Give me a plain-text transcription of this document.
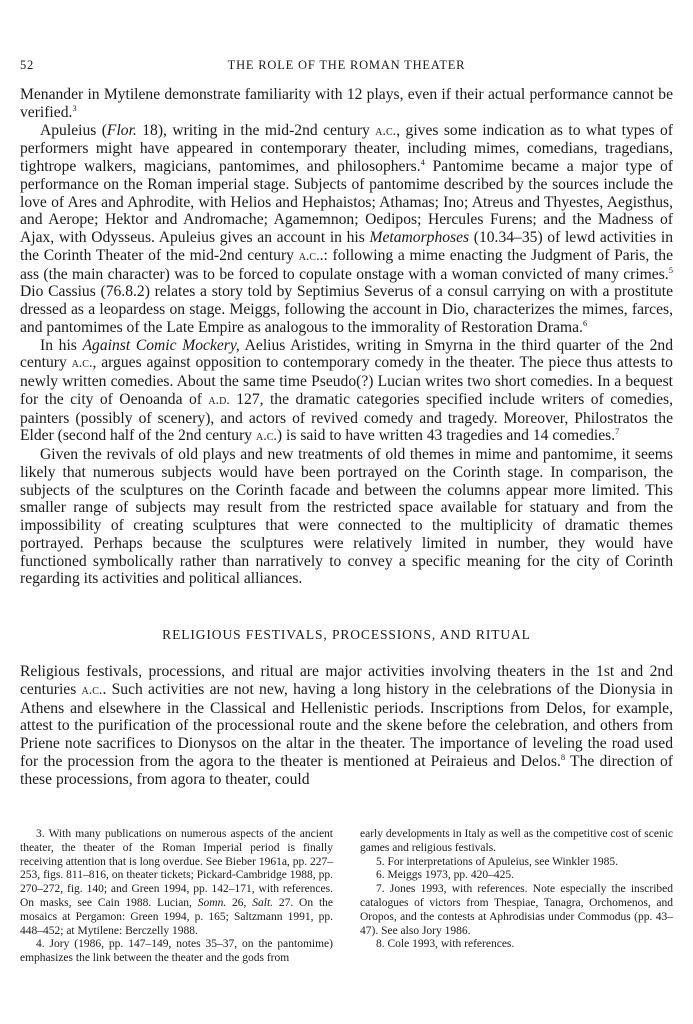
52	THE ROLE OF THE ROMAN THEATER

Menander in Mytilene demonstrate familiarity with 12 plays, even if their actual performance cannot be verified.$^3$

Apuleius (Flor. 18), writing in the mid-2nd century a.c., gives some indication as to what types of performers might have appeared in contemporary theater, including mimes, comedians, tragedians, tightrope walkers, magicians, pantomimes, and philosophers.$^4$ Pantomime became a major type of performance on the Roman imperial stage. Subjects of pantomime described by the sources include the love of Ares and Aphrodite, with Helios and Hephaistos; Athamas; Ino; Atreus and Thyestes, Aegisthus, and Aerope; Hektor and Andromache; Agamemnon; Oedipos; Hercules Furens; and the Madness of Ajax, with Odysseus. Apuleius gives an account in his Metamorphoses (10.34–35) of lewd activities in the Corinth Theater of the mid-2nd century a.c..: following a mime enacting the Judgment of Paris, the ass (the main character) was to be forced to copulate onstage with a woman convicted of many crimes.$^5$ Dio Cassius (76.8.2) relates a story told by Septimius Severus of a consul carrying on with a prostitute dressed as a leopardess on stage. Meiggs, following the account in Dio, characterizes the mimes, farces, and pantomimes of the Late Empire as analogous to the immorality of Restoration Drama.$^6$

In his Against Comic Mockery, Aelius Aristides, writing in Smyrna in the third quarter of the 2nd century a.c., argues against opposition to contemporary comedy in the theater. The piece thus attests to newly written comedies. About the same time Pseudo(?) Lucian writes two short comedies. In a bequest for the city of Oenoanda of a.d. 127, the dramatic categories specified include writers of comedies, painters (possibly of scenery), and actors of revived comedy and tragedy. Moreover, Philostratos the Elder (second half of the 2nd century a.c.) is said to have written 43 tragedies and 14 comedies.$^7$

Given the revivals of old plays and new treatments of old themes in mime and pantomime, it seems likely that numerous subjects would have been portrayed on the Corinth stage. In comparison, the subjects of the sculptures on the Corinth facade and between the columns appear more limited. This smaller range of subjects may result from the restricted space available for statuary and from the impossibility of creating sculptures that were connected to the multiplicity of dramatic themes portrayed. Perhaps because the sculptures were relatively limited in number, they would have functioned symbolically rather than narratively to convey a specific meaning for the city of Corinth regarding its activities and political alliances.

RELIGIOUS FESTIVALS, PROCESSIONS, AND RITUAL

Religious festivals, processions, and ritual are major activities involving theaters in the 1st and 2nd centuries a.c.. Such activities are not new, having a long history in the celebrations of the Dionysia in Athens and elsewhere in the Classical and Hellenistic periods. Inscriptions from Delos, for example, attest to the purification of the processional route and the skene before the celebration, and others from Priene note sacrifices to Dionysos on the altar in the theater. The importance of leveling the road used for the procession from the agora to the theater is mentioned at Peiraieus and Delos.$^8$ The direction of these processions, from agora to theater, could

3. With many publications on numerous aspects of the ancient theater, the theater of the Roman Imperial period is finally receiving attention that is long overdue. See Bieber 1961a, pp. 227–253, figs. 811–816, on theater tickets; Pickard-Cambridge 1988, pp. 270–272, fig. 140; and Green 1994, pp. 142–171, with references. On masks, see Cain 1988. Lucian, Somn. 26, Salt. 27. On the mosaics at Pergamon: Green 1994, p. 165; Saltzmann 1991, pp. 448–452; at Mytilene: Berczelly 1988.

4. Jory (1986, pp. 147–149, notes 35–37, on the pantomime) emphasizes the link between the theater and the gods from

early developments in Italy as well as the competitive cost of scenic games and religious festivals.

5. For interpretations of Apuleius, see Winkler 1985.

6. Meiggs 1973, pp. 420–425.

7. Jones 1993, with references. Note especially the inscribed catalogues of victors from Thespiae, Tanagra, Orchomenos, and Oropos, and the contests at Aphrodisias under Commodus (pp. 43–47). See also Jory 1986.

8. Cole 1993, with references.
